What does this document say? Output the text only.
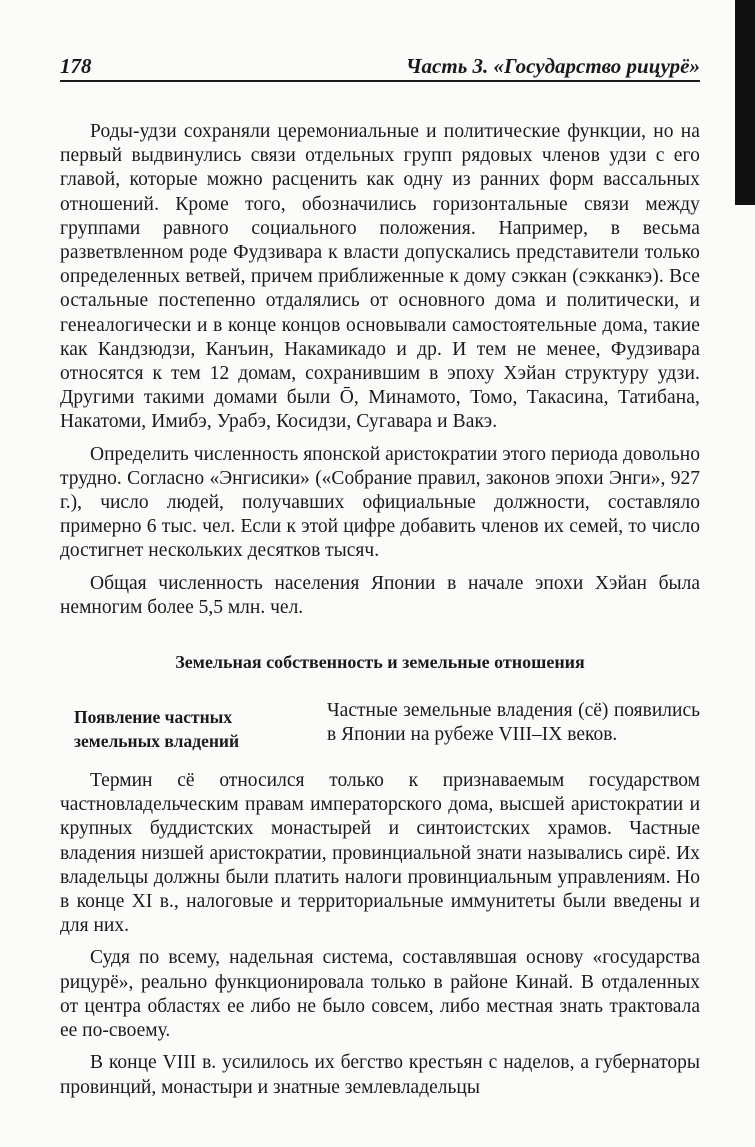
178	Часть 3. «Государство рицурё»

Роды-удзи сохраняли церемониальные и политические функции, но на первый выдвинулись связи отдельных групп рядовых членов удзи с его главой, которые можно расценить как одну из ранних форм вассальных отношений. Кроме того, обозначились горизонтальные связи между группами равного социального положения. Например, в весьма разветвленном роде Фудзивара к власти допускались представители только определенных ветвей, причем приближенные к дому сэккан (сэкканкэ). Все остальные постепенно отдалялись от основного дома и политически, и генеалогически и в конце концов основывали самостоятельные дома, такие как Кандзюдзи, Канъин, Накамикадо и др. И тем не менее, Фудзивара относятся к тем 12 домам, сохранившим в эпоху Хэйан структуру удзи. Другими такими домами были Ō, Минамото, Томо, Такасина, Татибана, Накатоми, Имибэ, Урабэ, Косидзи, Сугавара и Вакэ.

Определить численность японской аристократии этого периода довольно трудно. Согласно «Энгисики» («Собрание правил, законов эпохи Энги», 927 г.), число людей, получавших официальные должности, составляло примерно 6 тыс. чел. Если к этой цифре добавить членов их семей, то число достигнет нескольких десятков тысяч.

Общая численность населения Японии в начале эпохи Хэйан была немногим более 5,5 млн. чел.

Земельная собственность и земельные отношения
Появление частных земельных владений
Частные земельные владения (сё) появились в Японии на рубеже VIII–IX веков.

Термин сё относился только к признаваемым государством частновладельческим правам императорского дома, высшей аристократии и крупных буддистских монастырей и синтоистских храмов. Частные владения низшей аристократии, провинциальной знати назывались сирё. Их владельцы должны были платить налоги провинциальным управлениям. Но в конце XI в., налоговые и территориальные иммунитеты были введены и для них.

Судя по всему, надельная система, составлявшая основу «государства рицурё», реально функционировала только в районе Кинай. В отдаленных от центра областях ее либо не было совсем, либо местная знать трактовала ее по-своему.

В конце VIII в. усилилось их бегство крестьян с наделов, а губернаторы провинций, монастыри и знатные землевладельцы
